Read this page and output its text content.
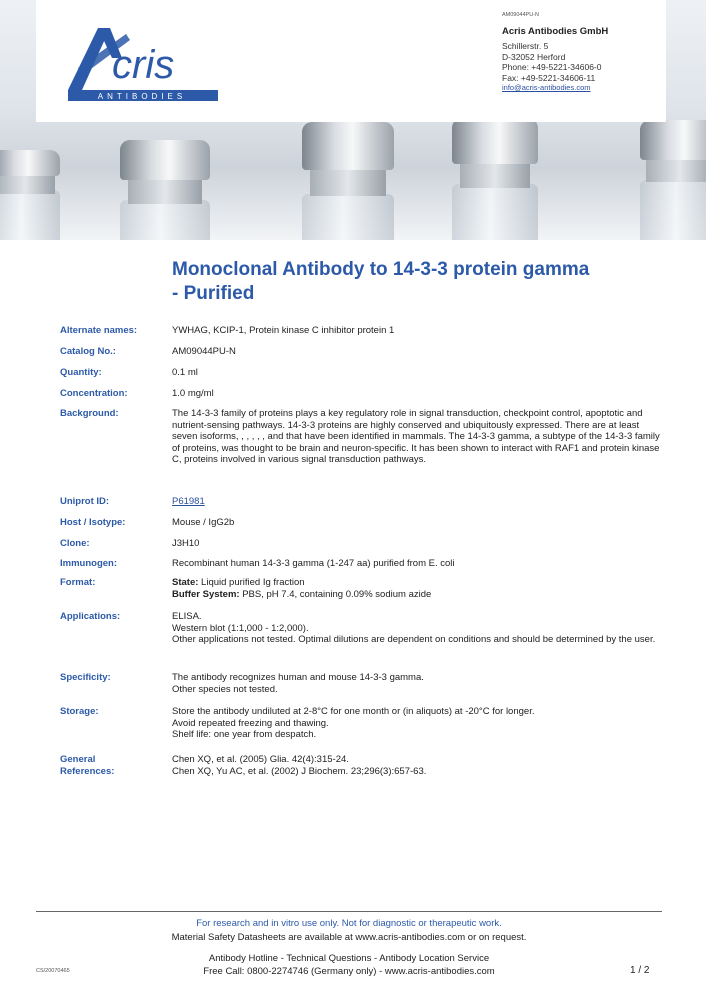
cris
ANTIBODIES
AM09044PU-N
Acris Antibodies GmbH
Schillerstr. 5
D-32052 Herford
Phone: +49-5221-34606-0
Fax: +49-5221-34606-11
info@acris-antibodies.com
Monoclonal Antibody to 14-3-3 protein gamma - Purified
Alternate names:	YWHAG, KCIP-1, Protein kinase C inhibitor protein 1
Catalog No.:	AM09044PU-N
Quantity:	0.1 ml
Concentration:	1.0 mg/ml
Background:	The 14-3-3 family of proteins plays a key regulatory role in signal transduction, checkpoint control, apoptotic and nutrient-sensing pathways. 14-3-3 proteins are highly conserved and ubiquitously expressed. There are at least seven isoforms, , , , , , and that have been identified in mammals. The 14-3-3 gamma, a subtype of the 14-3-3 family of proteins, was thought to be brain and neuron-specific. It has been shown to interact with RAF1 and protein kinase C, proteins involved in various signal transduction pathways.
Uniprot ID:	P61981
Host / Isotype:	Mouse / IgG2b
Clone:	J3H10
Immunogen:	Recombinant human 14-3-3 gamma (1-247 aa) purified from E. coli
Format:	State: Liquid purified Ig fraction
Buffer System: PBS, pH 7.4, containing 0.09% sodium azide
Applications:	ELISA.
Western blot (1:1,000 - 1:2,000).
Other applications not tested. Optimal dilutions are dependent on conditions and should be determined by the user.
Specificity:	The antibody recognizes human and mouse 14-3-3 gamma.
Other species not tested.
Storage:	Store the antibody undiluted at 2-8°C for one month or (in aliquots) at -20°C for longer.
Avoid repeated freezing and thawing.
Shelf life: one year from despatch.
General
References:
Chen XQ, et al. (2005) Glia. 42(4):315-24.
Chen XQ, Yu AC, et al. (2002) J Biochem. 23;296(3):657-63.
For research and in vitro use only. Not for diagnostic or therapeutic work.
Material Safety Datasheets are available at www.acris-antibodies.com or on request.
Antibody Hotline - Technical Questions - Antibody Location Service
Free Call: 0800-2274746 (Germany only) - www.acris-antibodies.com
CS/20070465	1 / 2
